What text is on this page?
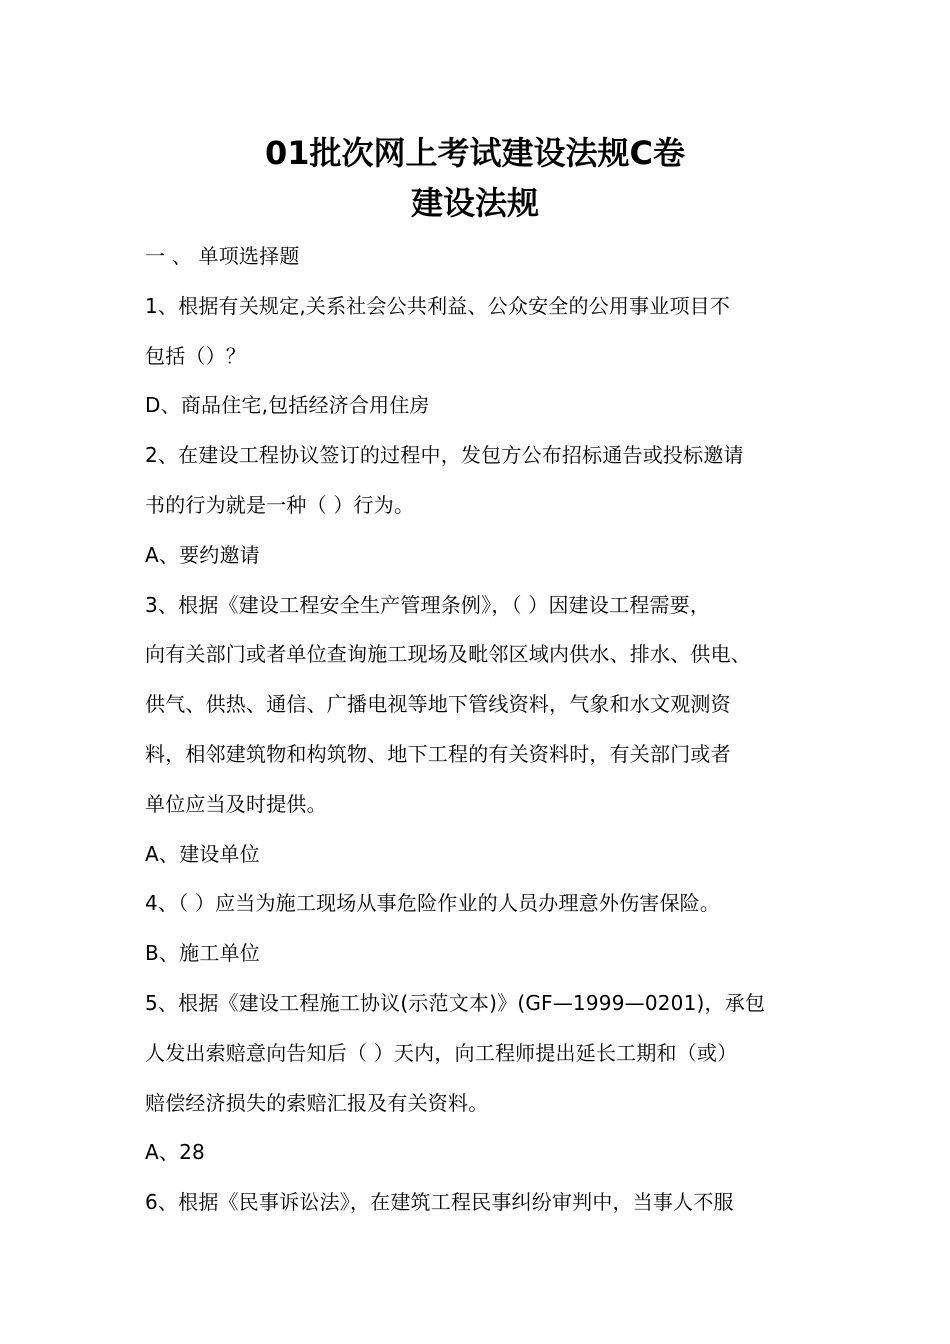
01批次网上考试建设法规C卷
建设法规
一 、 单项选择题
1、根据有关规定,关系社会公共利益、公众安全的公用事业项目不
包括（）？
D、商品住宅,包括经济合用住房
2、在建设工程协议签订的过程中，发包方公布招标通告或投标邀请
书的行为就是一种（ ）行为。
A、要约邀请
3、根据《建设工程安全生产管理条例》，（ ）因建设工程需要，
向有关部门或者单位查询施工现场及毗邻区域内供水、排水、供电、
供气、供热、通信、广播电视等地下管线资料，气象和水文观测资
料，相邻建筑物和构筑物、地下工程的有关资料时，有关部门或者
单位应当及时提供。
A、建设单位
4、（ ）应当为施工现场从事危险作业的人员办理意外伤害保险。
B、施工单位
5、根据《建设工程施工协议(示范文本)》(GF—1999—0201)，承包
人发出索赔意向告知后（ ）天内，向工程师提出延长工期和（或）
赔偿经济损失的索赔汇报及有关资料。
A、28
6、根据《民事诉讼法》，在建筑工程民事纠纷审判中，当事人不服
